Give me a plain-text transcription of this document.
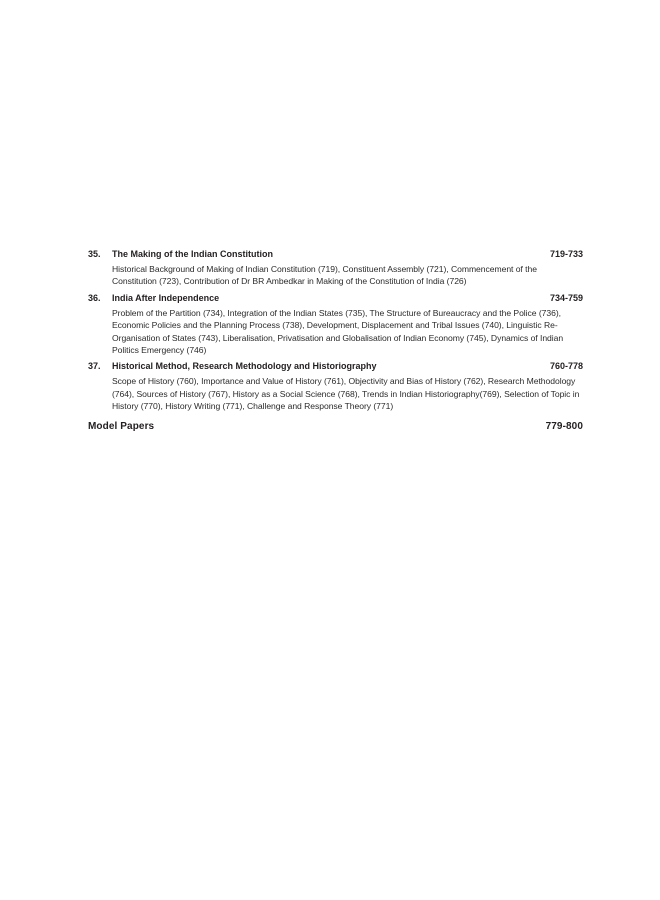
35.	The Making of the Indian Constitution	719-733
Historical Background of Making of Indian Constitution (719), Constituent Assembly (721), Commencement of the Constitution (723), Contribution of Dr BR Ambedkar in Making of the Constitution of India (726)
36.	India After Independence	734-759
Problem of the Partition (734), Integration of the Indian States (735), The Structure of Bureaucracy and the Police (736), Economic Policies and the Planning Process (738), Development, Displacement and Tribal Issues (740), Linguistic Re-Organisation of States (743), Liberalisation, Privatisation and Globalisation of Indian Economy (745), Dynamics of Indian Politics Emergency (746)
37.	Historical Method, Research Methodology and Historiography	760-778
Scope of History (760), Importance and Value of History (761), Objectivity and Bias of History (762), Research Methodology (764), Sources of History (767), History as a Social Science (768), Trends in Indian Historiography(769), Selection of Topic in History (770), History Writing (771), Challenge and Response Theory (771)
Model Papers	779-800
